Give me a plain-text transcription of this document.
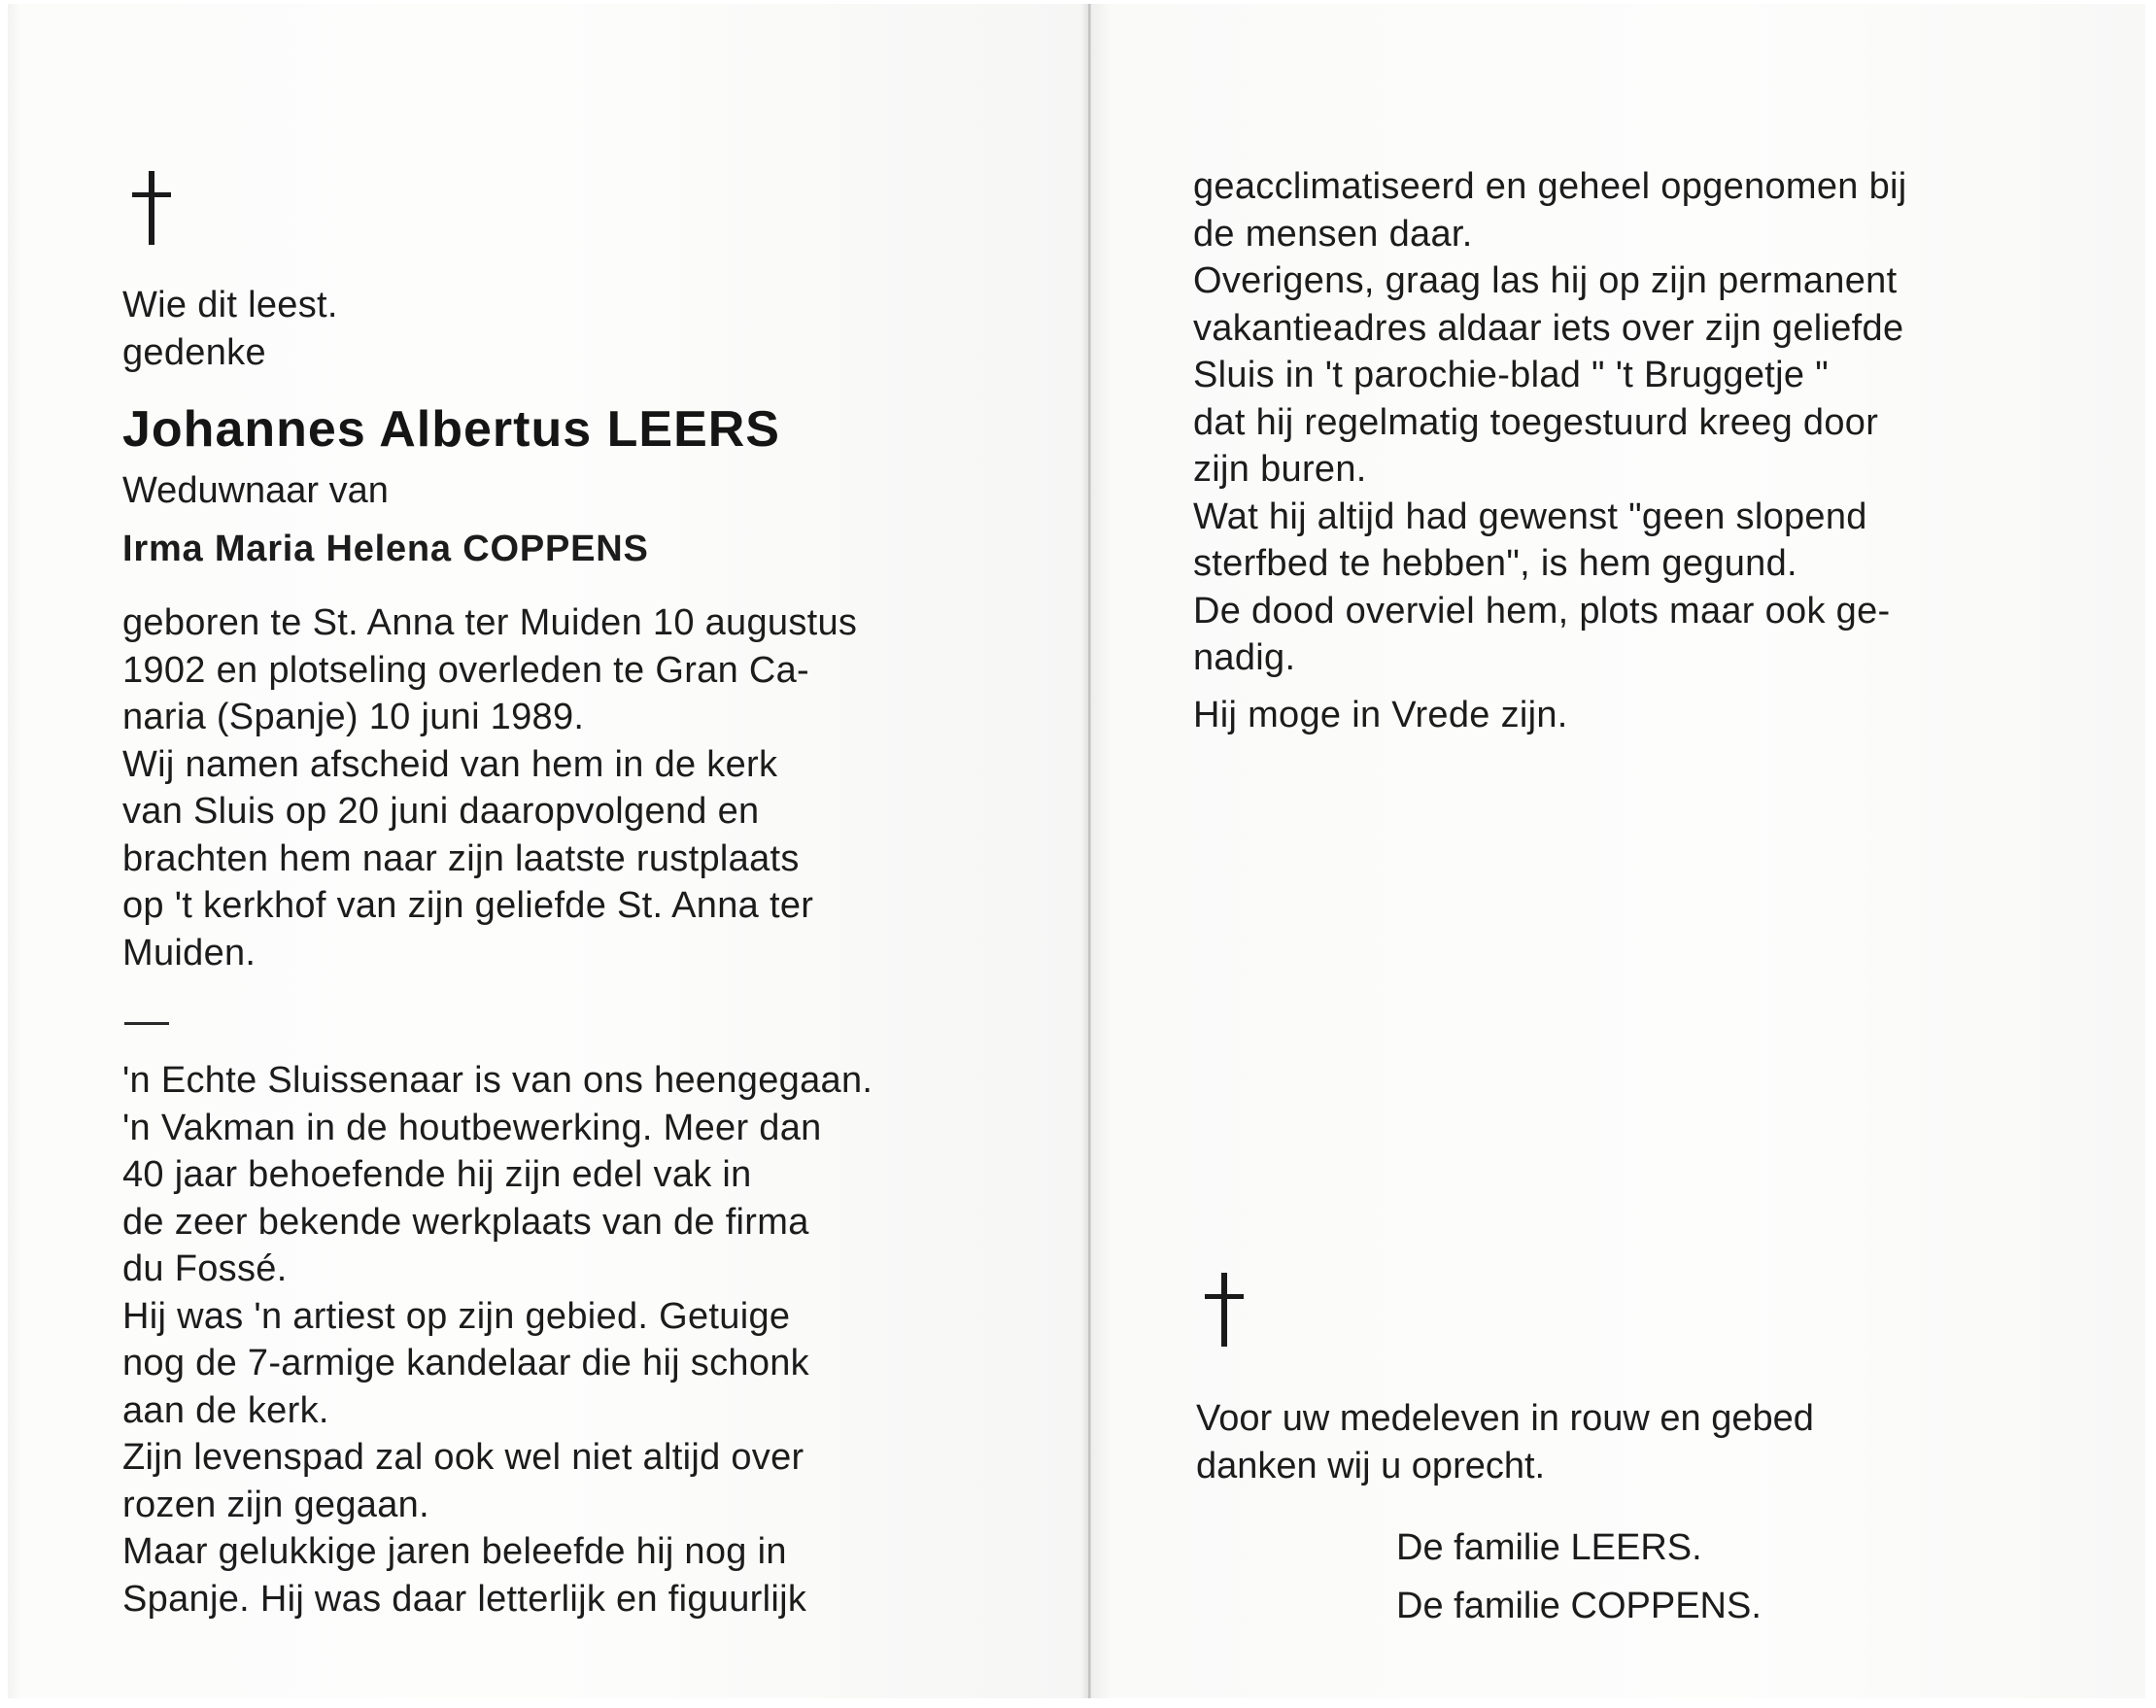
Wie dit leest.
gedenke
Johannes Albertus LEERS
Weduwnaar van
Irma Maria Helena COPPENS

geboren te St. Anna ter Muiden 10 augustus

1902 en plotseling overleden te Gran Ca-

naria (Spanje) 10 juni 1989.

Wij namen afscheid van hem in de kerk

van Sluis op 20 juni daaropvolgend en

brachten hem naar zijn laatste rustplaats

op 't kerkhof van zijn geliefde St. Anna ter

Muiden.

'n Echte Sluissenaar is van ons heengegaan.

'n Vakman in de houtbewerking. Meer dan

40 jaar behoefende hij zijn edel vak in

de zeer bekende werkplaats van de firma

du Fossé.

Hij was 'n artiest op zijn gebied. Getuige

nog de 7-armige kandelaar die hij schonk

aan de kerk.

Zijn levenspad zal ook wel niet altijd over

rozen zijn gegaan.

Maar gelukkige jaren beleefde hij nog in

Spanje. Hij was daar letterlijk en figuurlijk

geacclimatiseerd en geheel opgenomen bij

de mensen daar.

Overigens, graag las hij op zijn permanent

vakantieadres aldaar iets over zijn geliefde

Sluis in 't parochie-blad " 't Bruggetje "

dat hij regelmatig toegestuurd kreeg door

zijn buren.

Wat hij altijd had gewenst "geen slopend

sterfbed te hebben", is hem gegund.

De dood overviel hem, plots maar ook ge-

nadig.

Hij moge in Vrede zijn.
Voor uw medeleven in rouw en gebed
danken wij u oprecht.
De familie LEERS.
De familie COPPENS.
